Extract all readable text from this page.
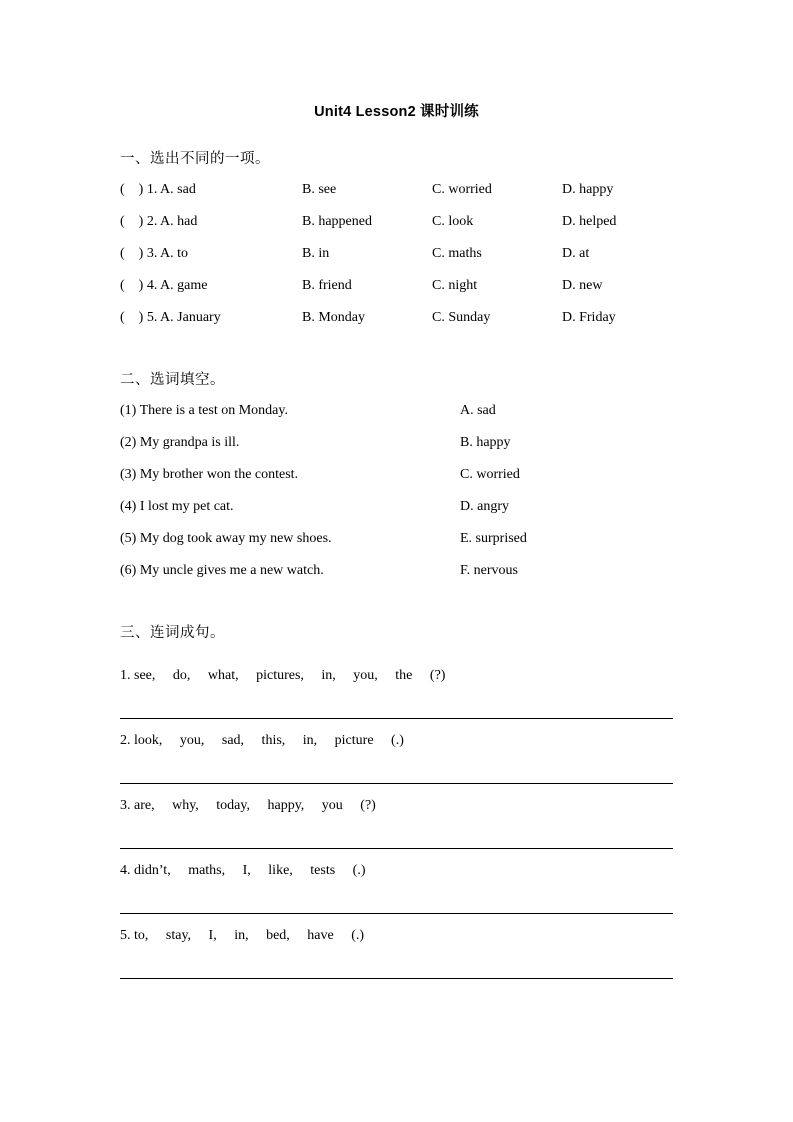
Unit4 Lesson2 课时训练
一、选出不同的一项。
(    ) 1. A. sad	B. see	C. worried	D. happy
(    ) 2. A. had	B. happened	C. look	D. helped
(    ) 3. A. to	B. in	C. maths	D. at
(    ) 4. A. game	B. friend	C. night	D. new
(    ) 5. A. January	B. Monday	C. Sunday	D. Friday
二、选词填空。
(1) There is a test on Monday.	A. sad
(2) My grandpa is ill.	B. happy
(3) My brother won the contest.	C. worried
(4) I lost my pet cat.	D. angry
(5) My dog took away my new shoes.	E. surprised
(6) My uncle gives me a new watch.	F. nervous
三、连词成句。
1. see,     do,     what,     pictures,     in,     you,     the     (?)
2. look,     you,     sad,     this,     in,     picture     (.)
3. are,     why,     today,     happy,     you     (?)
4. didn’t,     maths,     I,     like,     tests     (.)
5. to,     stay,     I,     in,     bed,     have     (.)
